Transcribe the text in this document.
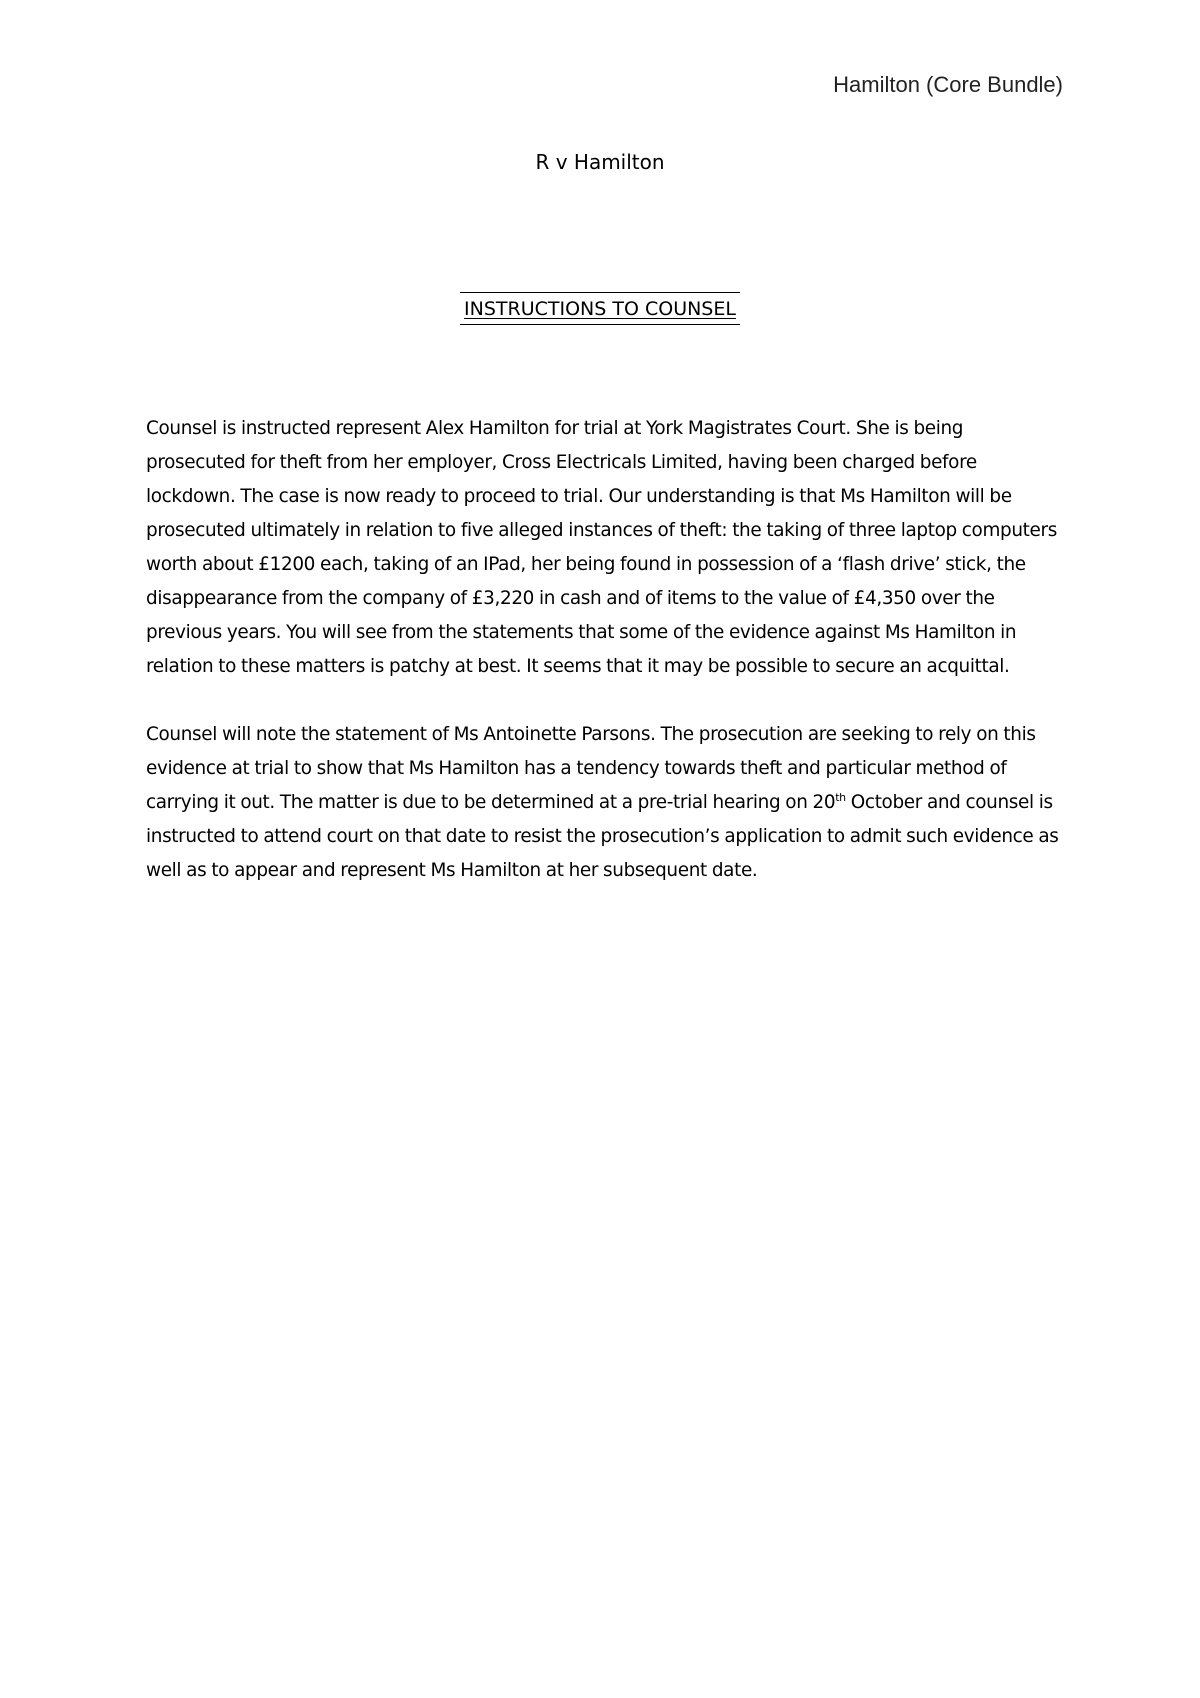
Hamilton (Core Bundle)
R v Hamilton
INSTRUCTIONS TO COUNSEL

Counsel is instructed represent Alex Hamilton for trial at York Magistrates Court. She is being prosecuted for theft from her employer, Cross Electricals Limited, having been charged before lockdown. The case is now ready to proceed to trial. Our understanding is that Ms Hamilton will be prosecuted ultimately in relation to five alleged instances of theft: the taking of three laptop computers worth about £1200 each, taking of an IPad, her being found in possession of a ‘flash drive’ stick, the disappearance from the company of £3,220 in cash and of items to the value of £4,350 over the previous years. You will see from the statements that some of the evidence against Ms Hamilton in relation to these matters is patchy at best. It seems that it may be possible to secure an acquittal.

Counsel will note the statement of Ms Antoinette Parsons. The prosecution are seeking to rely on this evidence at trial to show that Ms Hamilton has a tendency towards theft and particular method of carrying it out. The matter is due to be determined at a pre-trial hearing on 20th October and counsel is instructed to attend court on that date to resist the prosecution’s application to admit such evidence as well as to appear and represent Ms Hamilton at her subsequent date.
